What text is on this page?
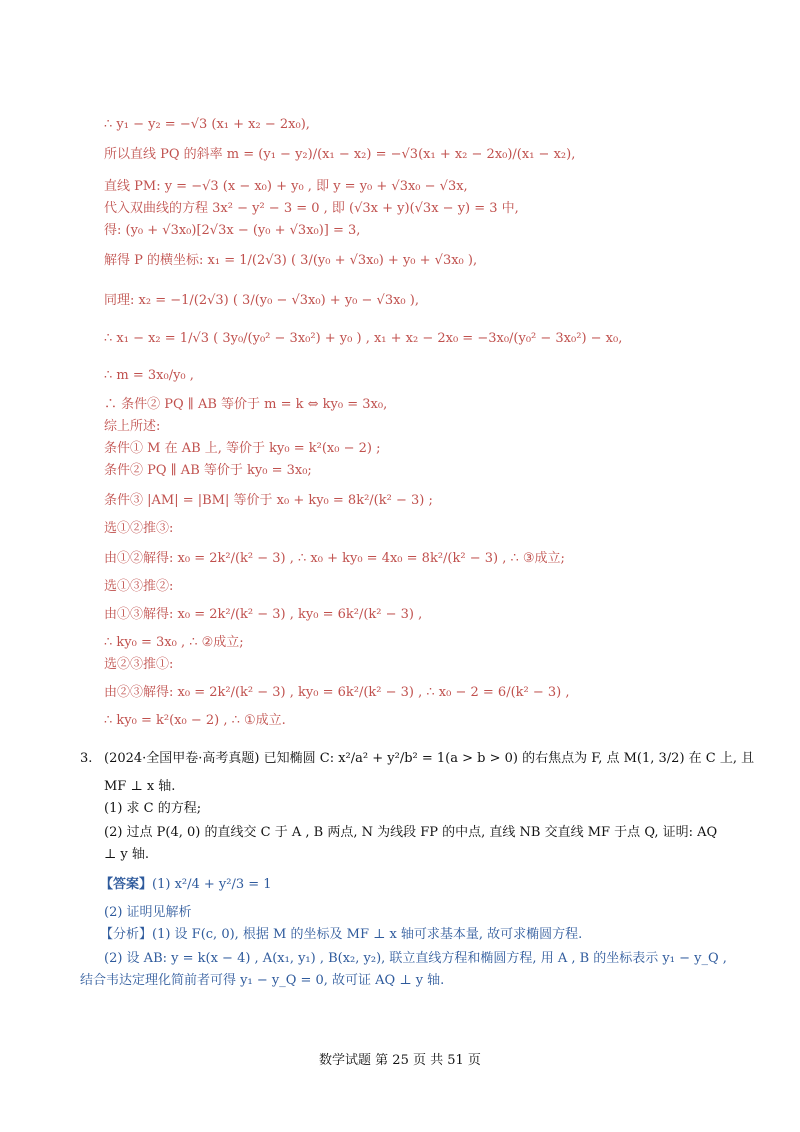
∴ y₁ − y₂ = −√3 (x₁ + x₂ − 2x₀),
所以直线 PQ 的斜率 m = (y₁ − y₂)/(x₁ − x₂) = −√3(x₁ + x₂ − 2x₀)/(x₁ − x₂),
直线 PM: y = −√3 (x − x₀) + y₀ , 即 y = y₀ + √3x₀ − √3x,
代入双曲线的方程 3x² − y² − 3 = 0 , 即 (√3x + y)(√3x − y) = 3 中,
得: (y₀ + √3x₀)[2√3x − (y₀ + √3x₀)] = 3,
解得 P 的横坐标: x₁ = 1/(2√3) ( 3/(y₀ + √3x₀) + y₀ + √3x₀ ),
同理: x₂ = −1/(2√3) ( 3/(y₀ − √3x₀) + y₀ − √3x₀ ),
∴ x₁ − x₂ = 1/√3 ( 3y₀/(y₀² − 3x₀²) + y₀ ) , x₁ + x₂ − 2x₀ = −3x₀/(y₀² − 3x₀²) − x₀,
∴ m = 3x₀/y₀ ,
∴ 条件② PQ ∥ AB 等价于 m = k ⇔ ky₀ = 3x₀,
综上所述:
条件① M 在 AB 上, 等价于 ky₀ = k²(x₀ − 2) ;
条件② PQ ∥ AB 等价于 ky₀ = 3x₀;
条件③ |AM| = |BM| 等价于 x₀ + ky₀ = 8k²/(k² − 3) ;
选①②推③:
由①②解得: x₀ = 2k²/(k² − 3) , ∴ x₀ + ky₀ = 4x₀ = 8k²/(k² − 3) , ∴ ③成立;
选①③推②:
由①③解得: x₀ = 2k²/(k² − 3) , ky₀ = 6k²/(k² − 3) ,
∴ ky₀ = 3x₀ , ∴ ②成立;
选②③推①:
由②③解得: x₀ = 2k²/(k² − 3) , ky₀ = 6k²/(k² − 3) , ∴ x₀ − 2 = 6/(k² − 3) ,
∴ ky₀ = k²(x₀ − 2) , ∴ ①成立.
3. (2024·全国甲卷·高考真题) 已知椭圆 C: x²/a² + y²/b² = 1(a > b > 0) 的右焦点为 F, 点 M(1, 3/2) 在 C 上, 且
MF ⊥ x 轴.
(1) 求 C 的方程;
(2) 过点 P(4, 0) 的直线交 C 于 A , B 两点, N 为线段 FP 的中点, 直线 NB 交直线 MF 于点 Q, 证明: AQ
⊥ y 轴.
【答案】(1) x²/4 + y²/3 = 1
(2) 证明见解析
【分析】(1) 设 F(c, 0), 根据 M 的坐标及 MF ⊥ x 轴可求基本量, 故可求椭圆方程.
(2) 设 AB: y = k(x − 4) , A(x₁, y₁) , B(x₂, y₂), 联立直线方程和椭圆方程, 用 A , B 的坐标表示 y₁ − y_Q ,
结合韦达定理化简前者可得 y₁ − y_Q = 0, 故可证 AQ ⊥ y 轴.
数学试题 第 25 页 共 51 页
